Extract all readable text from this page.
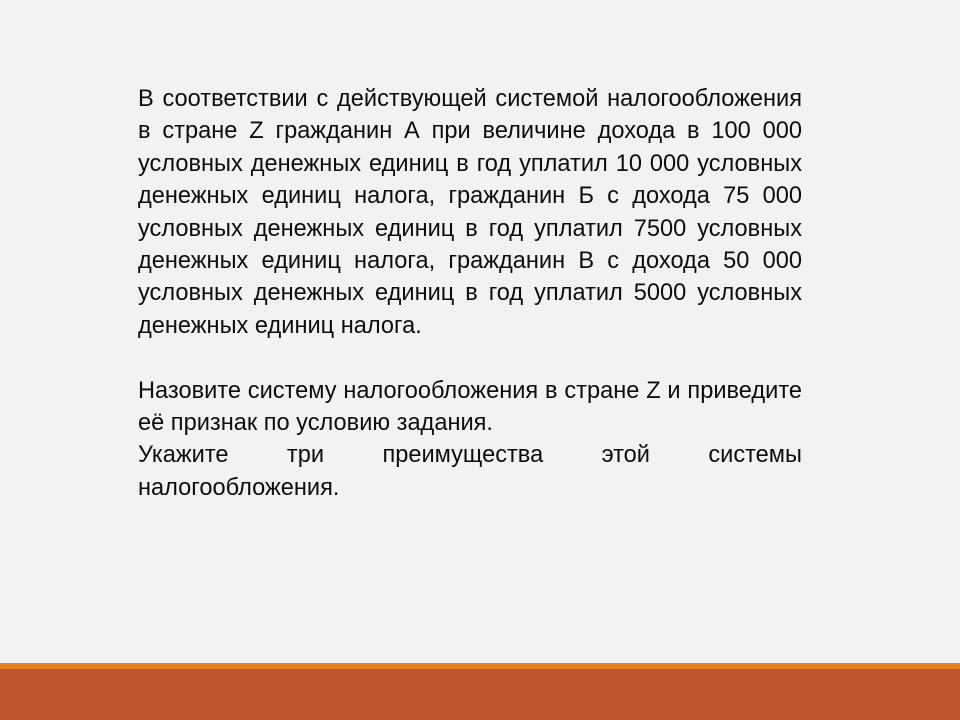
В соответствии с действующей системой налогообложения в стране Z гражданин А при величине дохода в 100 000 условных денежных единиц в год уплатил 10 000 условных денежных единиц налога, гражданин Б с дохода 75 000 условных денежных единиц в год уплатил 7500 условных денежных единиц налога, гражданин В с дохода 50 000 условных денежных единиц в год уплатил 5000 условных денежных единиц налога.

Назовите систему налогообложения в стране Z и приведите её признак по условию задания.

Укажите три преимущества этой системы налогообложения.
